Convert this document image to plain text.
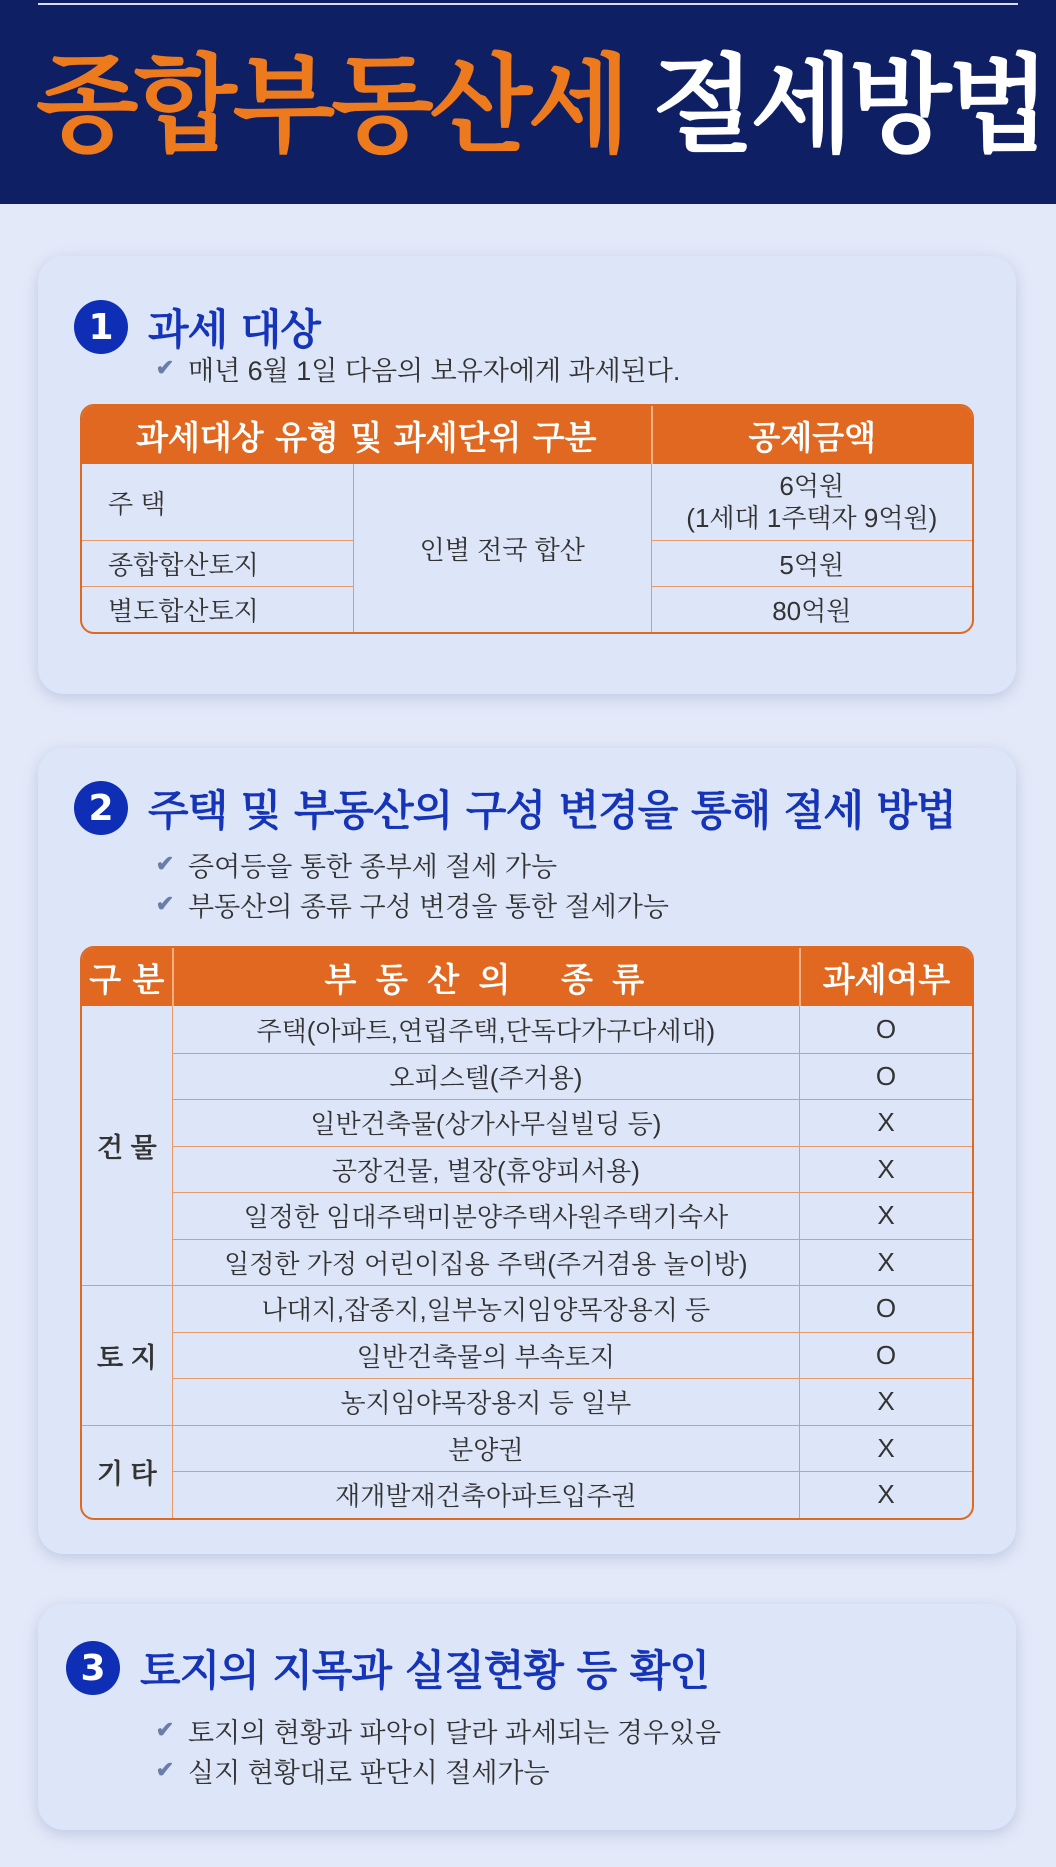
종합부동산세 절세방법
1 과세 대상
✔ 매년 6월 1일 다음의 보유자에게 과세된다.
과세대상 유형 및 과세단위 구분		공제금액
주 택	인별 전국 합산	6억원
(1세대 1주택자 9억원)

종합합산토지		5억원
별도합산토지		80억원
2 주택 및 부동산의 구성 변경을 통해 절세 방법
✔ 증여등을 통한 종부세 절세 가능
✔ 부동산의 종류 구성 변경을 통한 절세가능
구 분	부 동 산 의   종 류	과세여부
건 물	주택(아파트,연립주택,단독다가구다세대)	O
	오피스텔(주거용)	O
	일반건축물(상가사무실빌딩 등)	X
	공장건물, 별장(휴양피서용)	X
	일정한 임대주택미분양주택사원주택기숙사	X
	일정한 가정 어린이집용 주택(주거겸용 놀이방)	X
토 지	나대지,잡종지,일부농지임양목장용지 등	O
	일반건축물의 부속토지	O
	농지임야목장용지 등 일부	X
기 타	분양권	X
	재개발재건축아파트입주권	X
3 토지의 지목과 실질현황 등 확인
✔ 토지의 현황과 파악이 달라 과세되는 경우있음
✔ 실지 현황대로 판단시 절세가능
